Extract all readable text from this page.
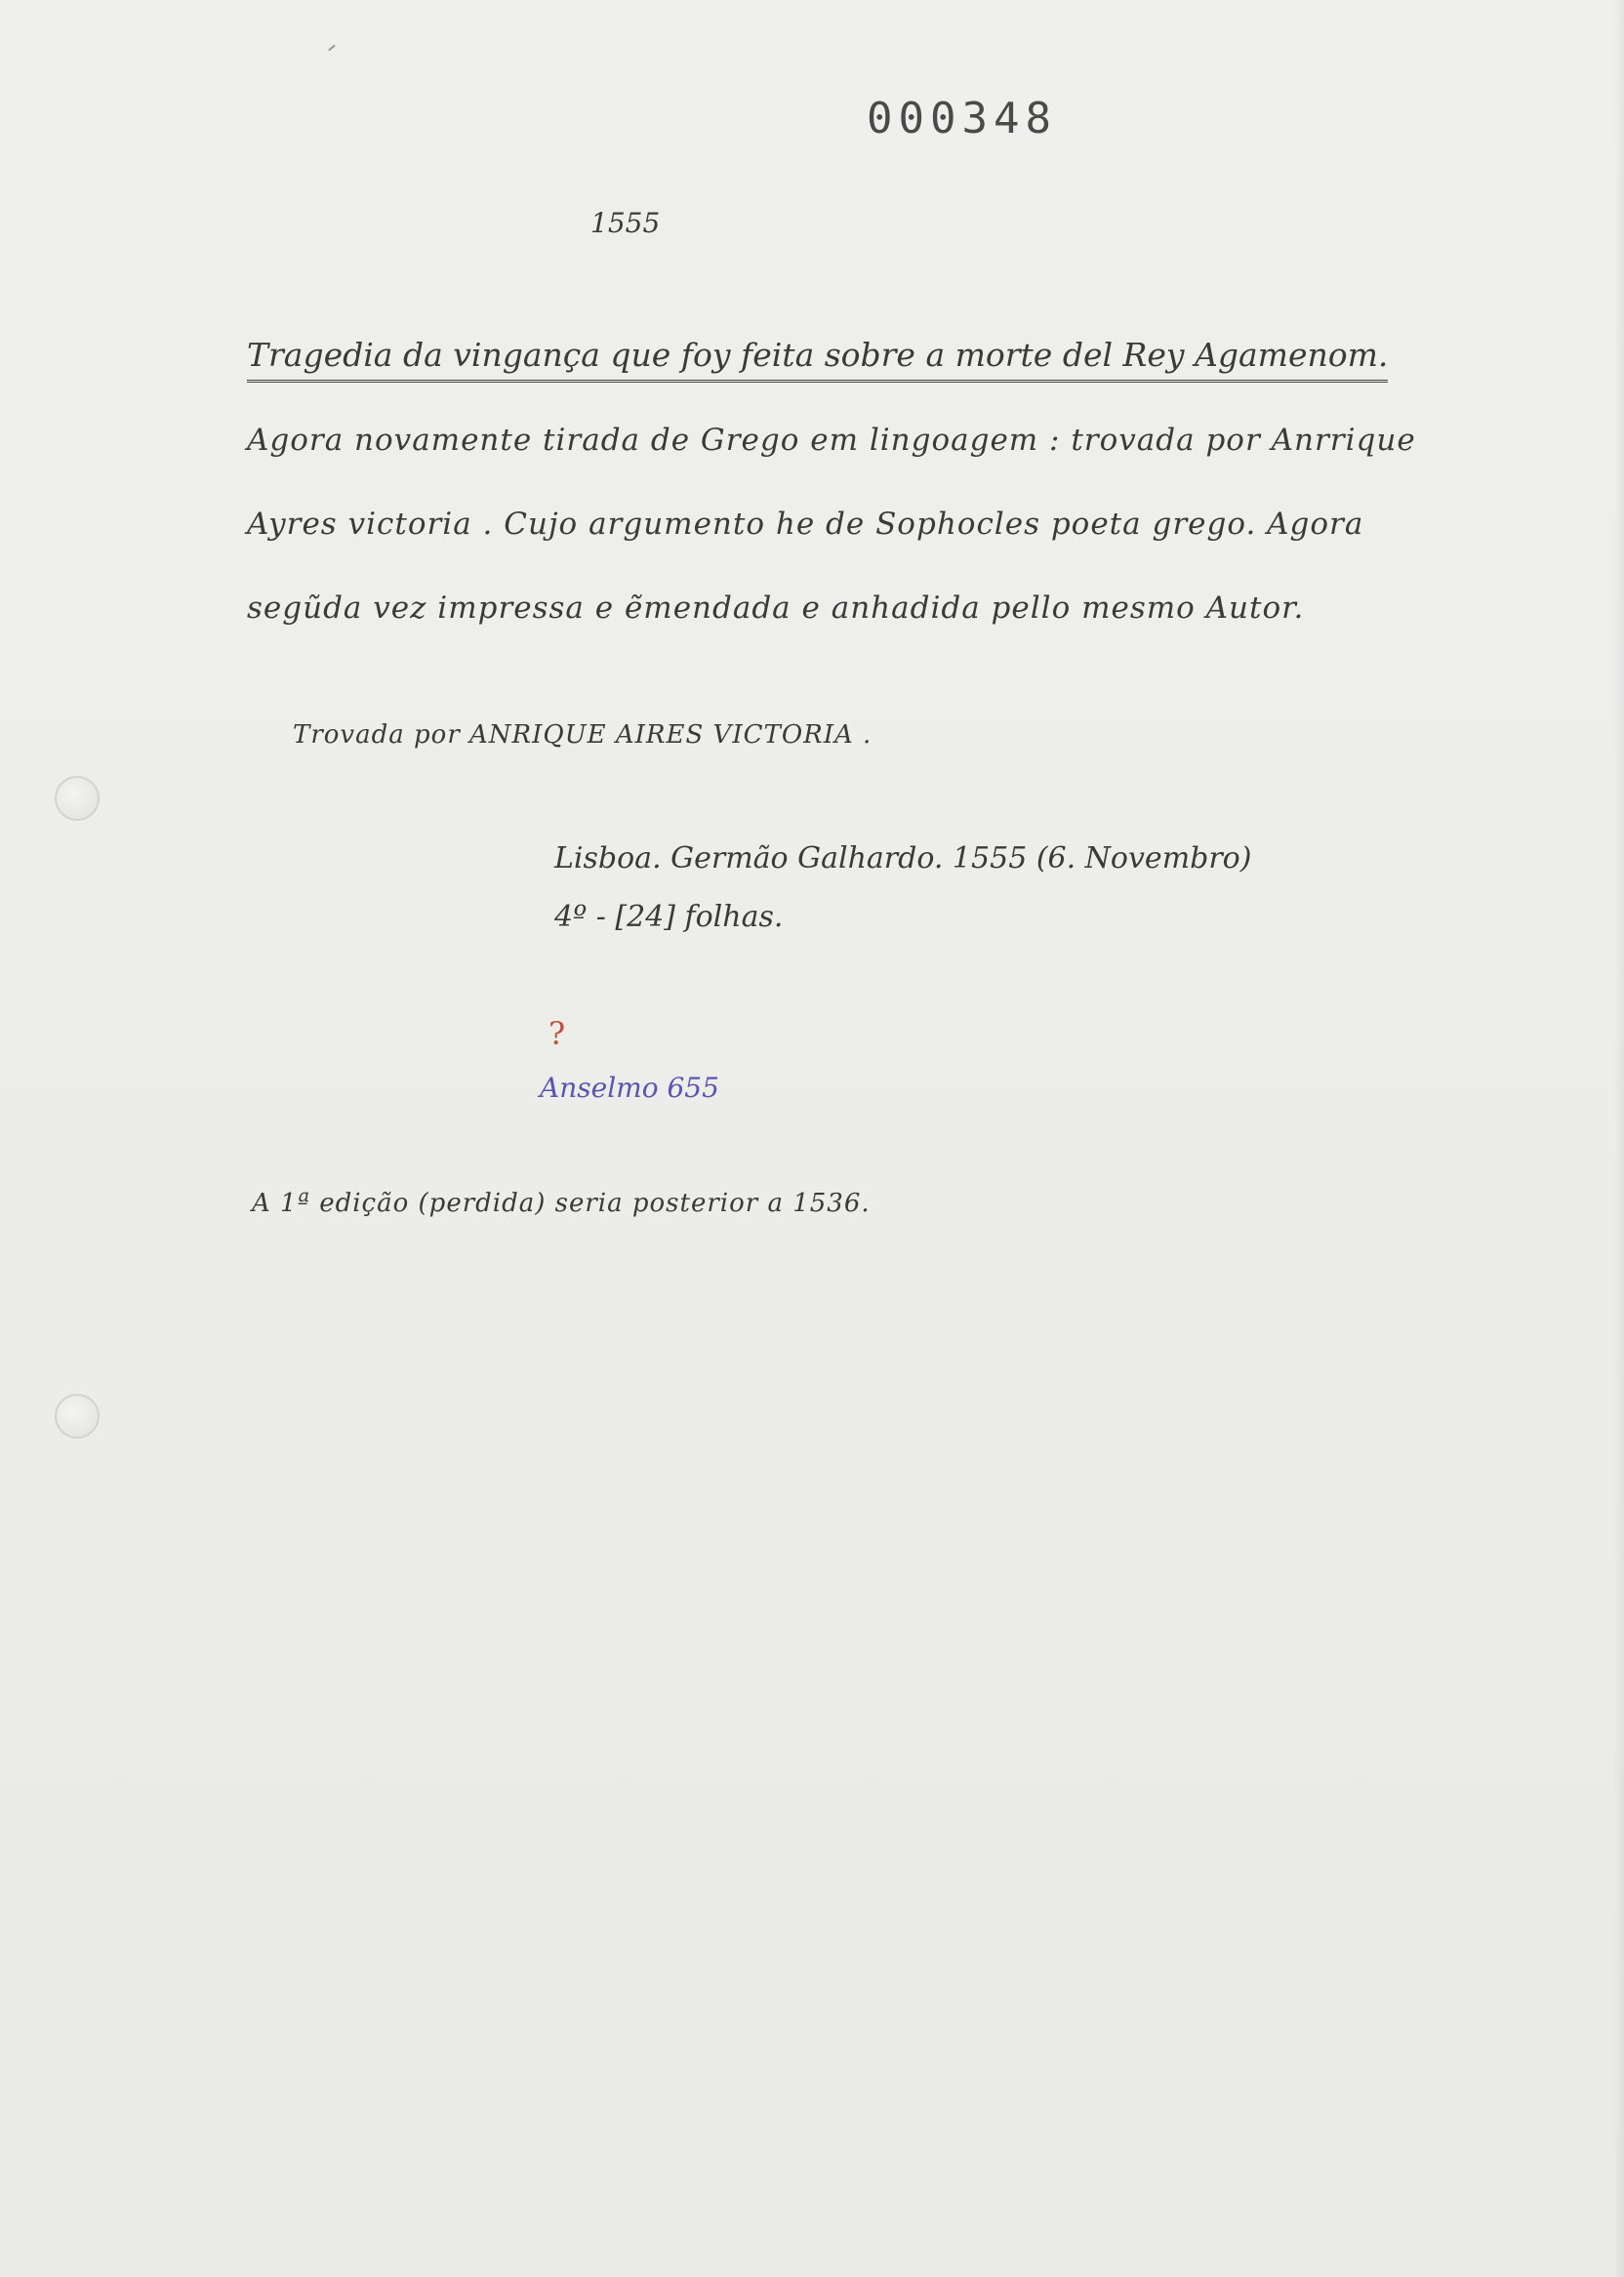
000348
1555
Tragedia da vingança que foy feita sobre a morte del Rey Agamenom.
Agora novamente tirada de Grego em lingoagem : trovada por Anrrique
Ayres victoria . Cujo argumento he de Sophocles poeta grego. Agora
segũda vez impressa e ẽmendada e anhadida pello mesmo Autor.
Trovada por ANRIQUE AIRES VICTORIA .
Lisboa. Germão Galhardo. 1555 (6. Novembro)
4º - [24] folhas.
?
Anselmo 655
A 1ª edição (perdida) seria posterior a 1536.
